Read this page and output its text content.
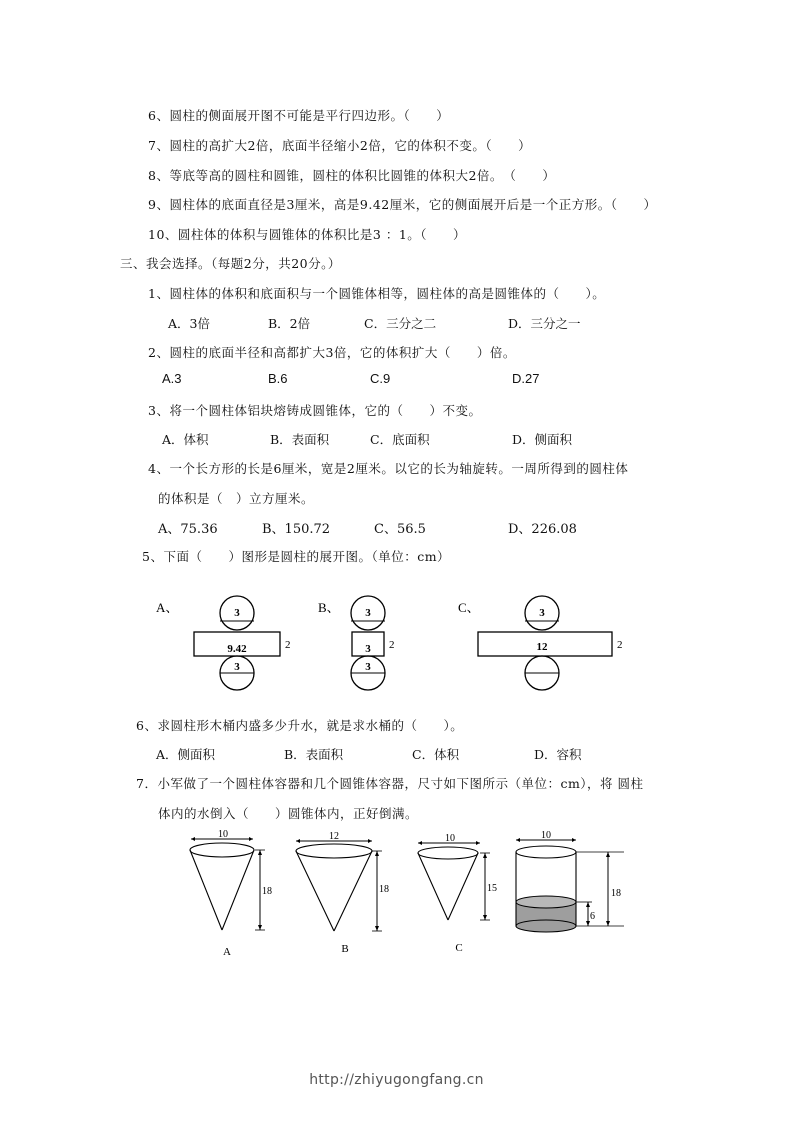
6、圆柱的侧面展开图不可能是平行四边形。（　　）
7、圆柱的高扩大2倍，底面半径缩小2倍，它的体积不变。（　　）
8、等底等高的圆柱和圆锥，圆柱的体积比圆锥的体积大2倍。　（　　）
9、圆柱体的底面直径是3厘米，高是9.42厘米，它的侧面展开后是一个正方形。（　　）
10、圆柱体的体积与圆锥体的体积比是3 ：1。（　　）
三、我会选择。（每题2分，共20分。）
1、圆柱体的体积和底面积与一个圆锥体相等，圆柱体的高是圆锥体的（　　）。
A．3倍	B．2倍	C．三分之二	D．三分之一
2、圆柱的底面半径和高都扩大3倍，它的体积扩大（　　）倍。
A.3	B.6	C.9	D.27
3、将一个圆柱体铝块熔铸成圆锥体，它的（　　）不变。
A．体积	B．表面积	C．底面积	D．侧面积
4、一个长方形的长是6厘米，宽是2厘米。以它的长为轴旋转。一周所得到的圆柱体
的体积是（　）立方厘米。
A、75.36	B、150.72	C、56.5	D、226.08
5、下面（　　）图形是圆柱的展开图。（单位：cm）
A、	3
9.42	2
3
B、 3
3 2
3
C、	3
12	2
6、求圆柱形木桶内盛多少升水，就是求水桶的（　　）。
A．侧面积	B．表面积	C．体积	D．容积
7．小军做了一个圆柱体容器和几个圆锥体容器，尺寸如下图所示（单位：cm），将 圆柱
体内的水倒入（　　）圆锥体内，正好倒满。
10
18
A
12
18
B
10
15
C
10
6
18
http://zhiyugongfang.cn
